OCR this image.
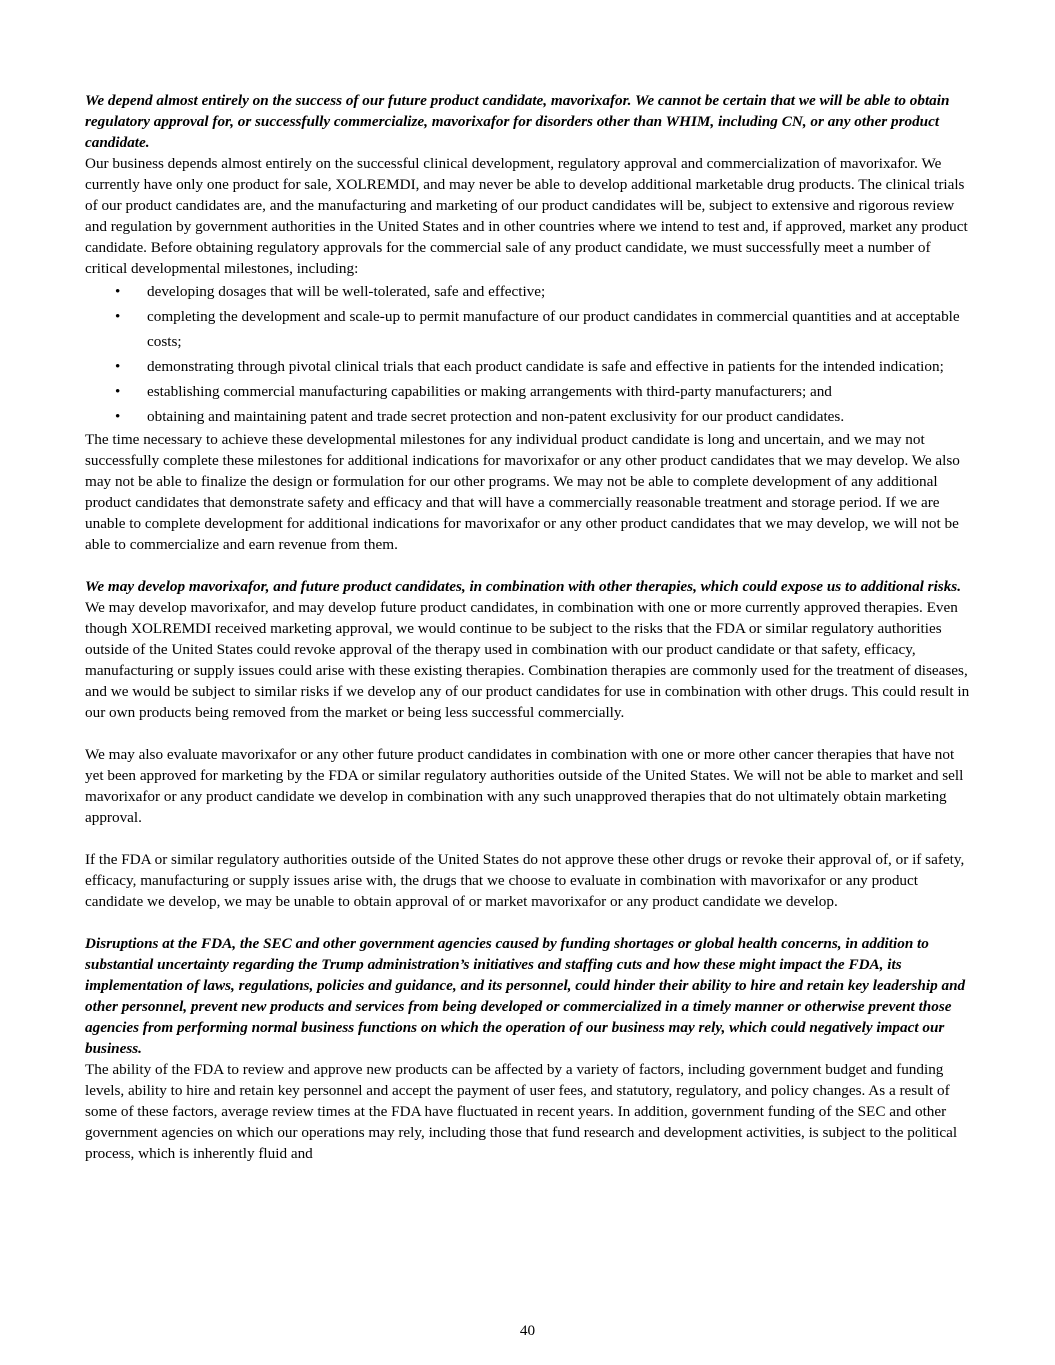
We depend almost entirely on the success of our future product candidate, mavorixafor. We cannot be certain that we will be able to obtain regulatory approval for, or successfully commercialize, mavorixafor for disorders other than WHIM, including CN, or any other product candidate.

Our business depends almost entirely on the successful clinical development, regulatory approval and commercialization of mavorixafor. We currently have only one product for sale, XOLREMDI, and may never be able to develop additional marketable drug products. The clinical trials of our product candidates are, and the manufacturing and marketing of our product candidates will be, subject to extensive and rigorous review and regulation by government authorities in the United States and in other countries where we intend to test and, if approved, market any product candidate. Before obtaining regulatory approvals for the commercial sale of any product candidate, we must successfully meet a number of critical developmental milestones, including:

• developing dosages that will be well-tolerated, safe and effective;
• completing the development and scale-up to permit manufacture of our product candidates in commercial quantities and at acceptable costs;
• demonstrating through pivotal clinical trials that each product candidate is safe and effective in patients for the intended indication;
• establishing commercial manufacturing capabilities or making arrangements with third-party manufacturers; and
• obtaining and maintaining patent and trade secret protection and non-patent exclusivity for our product candidates.

The time necessary to achieve these developmental milestones for any individual product candidate is long and uncertain, and we may not successfully complete these milestones for additional indications for mavorixafor or any other product candidates that we may develop. We also may not be able to finalize the design or formulation for our other programs. We may not be able to complete development of any additional product candidates that demonstrate safety and efficacy and that will have a commercially reasonable treatment and storage period. If we are unable to complete development for additional indications for mavorixafor or any other product candidates that we may develop, we will not be able to commercialize and earn revenue from them.

We may develop mavorixafor, and future product candidates, in combination with other therapies, which could expose us to additional risks.

We may develop mavorixafor, and may develop future product candidates, in combination with one or more currently approved therapies. Even though XOLREMDI received marketing approval, we would continue to be subject to the risks that the FDA or similar regulatory authorities outside of the United States could revoke approval of the therapy used in combination with our product candidate or that safety, efficacy, manufacturing or supply issues could arise with these existing therapies. Combination therapies are commonly used for the treatment of diseases, and we would be subject to similar risks if we develop any of our product candidates for use in combination with other drugs. This could result in our own products being removed from the market or being less successful commercially.

We may also evaluate mavorixafor or any other future product candidates in combination with one or more other cancer therapies that have not yet been approved for marketing by the FDA or similar regulatory authorities outside of the United States. We will not be able to market and sell mavorixafor or any product candidate we develop in combination with any such unapproved therapies that do not ultimately obtain marketing approval.

If the FDA or similar regulatory authorities outside of the United States do not approve these other drugs or revoke their approval of, or if safety, efficacy, manufacturing or supply issues arise with, the drugs that we choose to evaluate in combination with mavorixafor or any product candidate we develop, we may be unable to obtain approval of or market mavorixafor or any product candidate we develop.

Disruptions at the FDA, the SEC and other government agencies caused by funding shortages or global health concerns, in addition to substantial uncertainty regarding the Trump administration’s initiatives and staffing cuts and how these might impact the FDA, its implementation of laws, regulations, policies and guidance, and its personnel, could hinder their ability to hire and retain key leadership and other personnel, prevent new products and services from being developed or commercialized in a timely manner or otherwise prevent those agencies from performing normal business functions on which the operation of our business may rely, which could negatively impact our business.

The ability of the FDA to review and approve new products can be affected by a variety of factors, including government budget and funding levels, ability to hire and retain key personnel and accept the payment of user fees, and statutory, regulatory, and policy changes. As a result of some of these factors, average review times at the FDA have fluctuated in recent years. In addition, government funding of the SEC and other government agencies on which our operations may rely, including those that fund research and development activities, is subject to the political process, which is inherently fluid and

40
